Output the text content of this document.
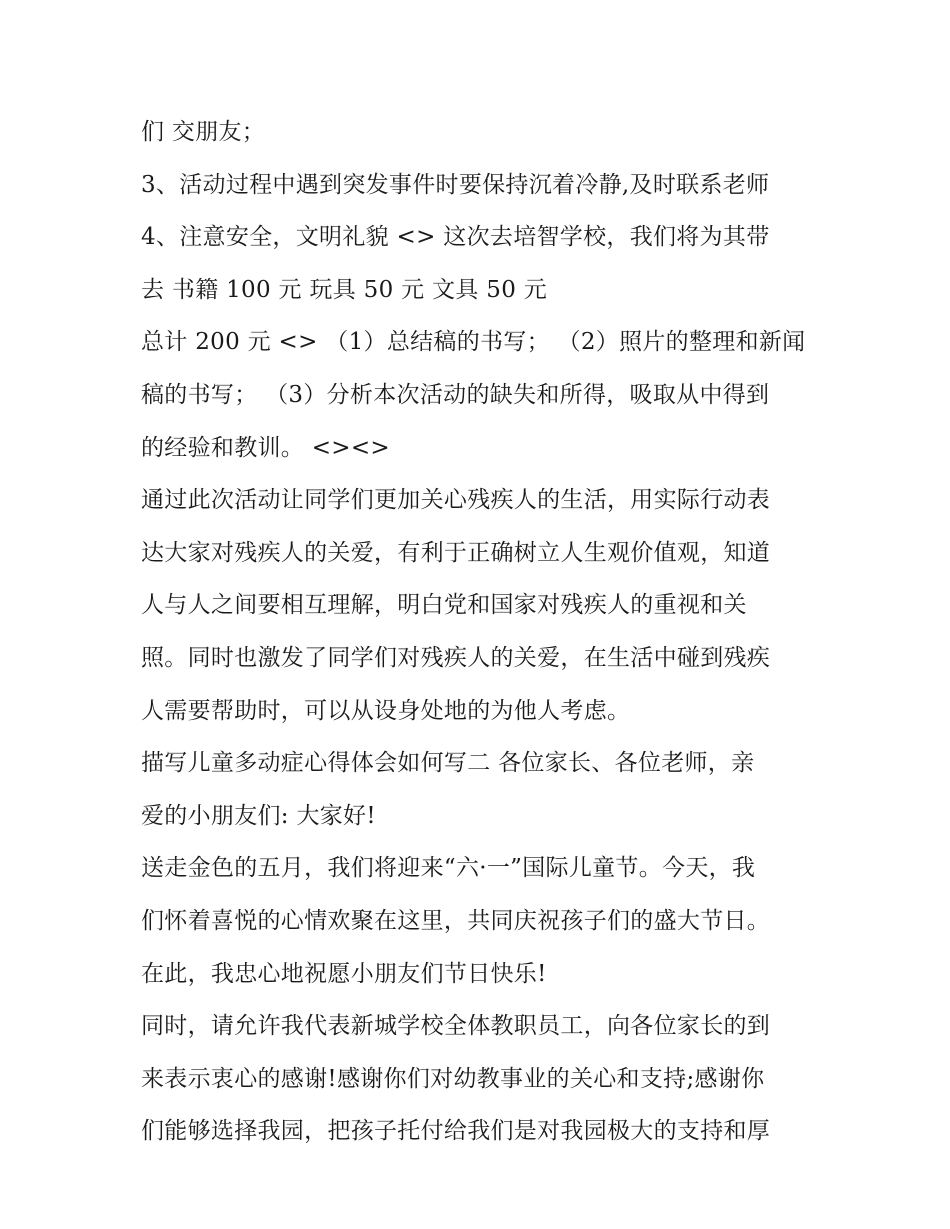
们 交朋友；
3、活动过程中遇到突发事件时要保持沉着冷静,及时联系老师
4、注意安全，文明礼貌 <> 这次去培智学校，我们将为其带
去 书籍 100 元 玩具 50 元 文具 50 元
总计 200 元 <> （1）总结稿的书写； （2）照片的整理和新闻
稿的书写； （3）分析本次活动的缺失和所得，吸取从中得到
的经验和教训。 <><>
通过此次活动让同学们更加关心残疾人的生活，用实际行动表
达大家对残疾人的关爱，有利于正确树立人生观价值观，知道
人与人之间要相互理解，明白党和国家对残疾人的重视和关
照。同时也激发了同学们对残疾人的关爱，在生活中碰到残疾
人需要帮助时，可以从设身处地的为他人考虑。
描写儿童多动症心得体会如何写二 各位家长、各位老师，亲
爱的小朋友们: 大家好!
送走金色的五月，我们将迎来“六·一”国际儿童节。今天，我
们怀着喜悦的心情欢聚在这里，共同庆祝孩子们的盛大节日。
在此，我忠心地祝愿小朋友们节日快乐!
同时，请允许我代表新城学校全体教职员工，向各位家长的到
来表示衷心的感谢!感谢你们对幼教事业的关心和支持;感谢你
们能够选择我园，把孩子托付给我们是对我园极大的支持和厚
